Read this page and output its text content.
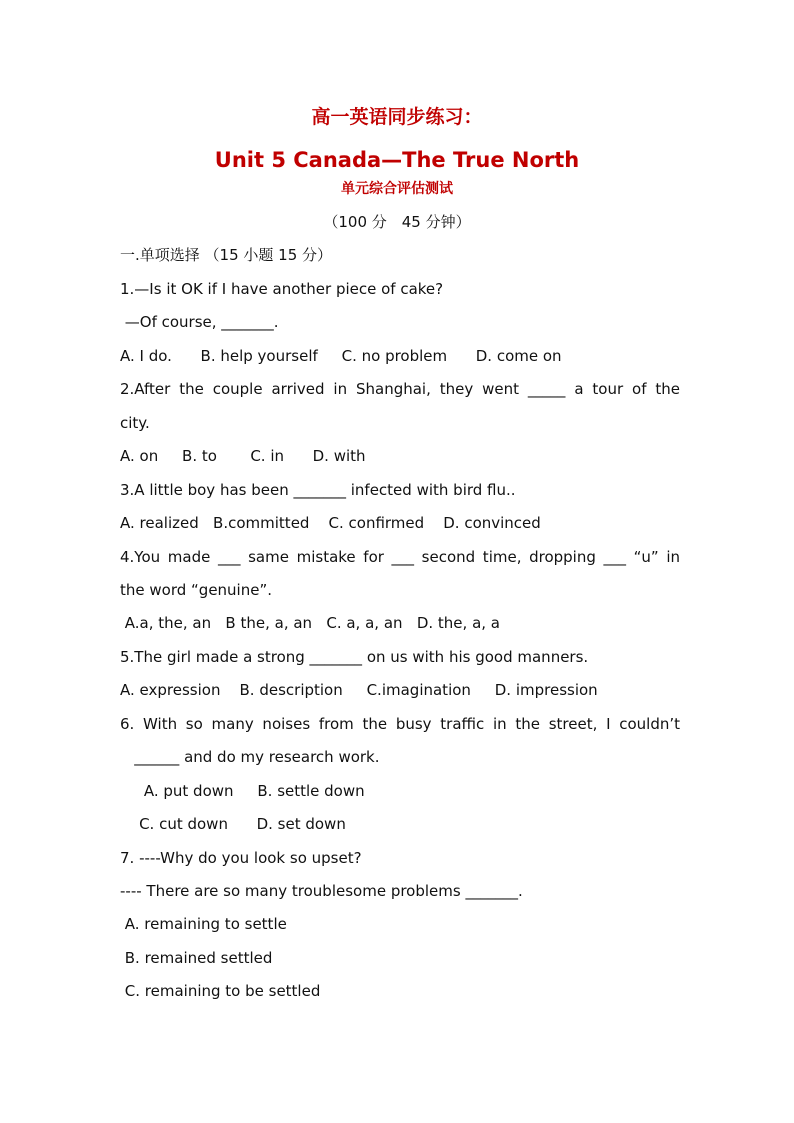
高一英语同步练习：
Unit 5 Canada—The True North
单元综合评估测试
（100 分　45 分钟）
一.单项选择 （15 小题 15 分）
1.—Is it OK if I have another piece of cake?
—Of course, _______.
A. I do.      B. help yourself     C. no problem      D. come on
2.After the couple arrived in Shanghai, they went _____ a tour of the
city.
A. on     B. to       C. in      D. with
3.A little boy has been _______ infected with bird flu..
A. realized   B.committed    C. confirmed    D. convinced
4.You made ___ same mistake for ___ second time, dropping ___ “u” in
the word “genuine”.
A.a, the, an   B the, a, an   C. a, a, an   D. the, a, a
5.The girl made a strong _______ on us with his good manners.
A. expression    B. description     C.imagination     D. impression
6. With so many noises from the busy traffic in the street, I couldn’t
______ and do my research work.
A. put down     B. settle down
C. cut down      D. set down
7. ----Why do you look so upset?
---- There are so many troublesome problems _______.
A. remaining to settle
B. remained settled
C. remaining to be settled
